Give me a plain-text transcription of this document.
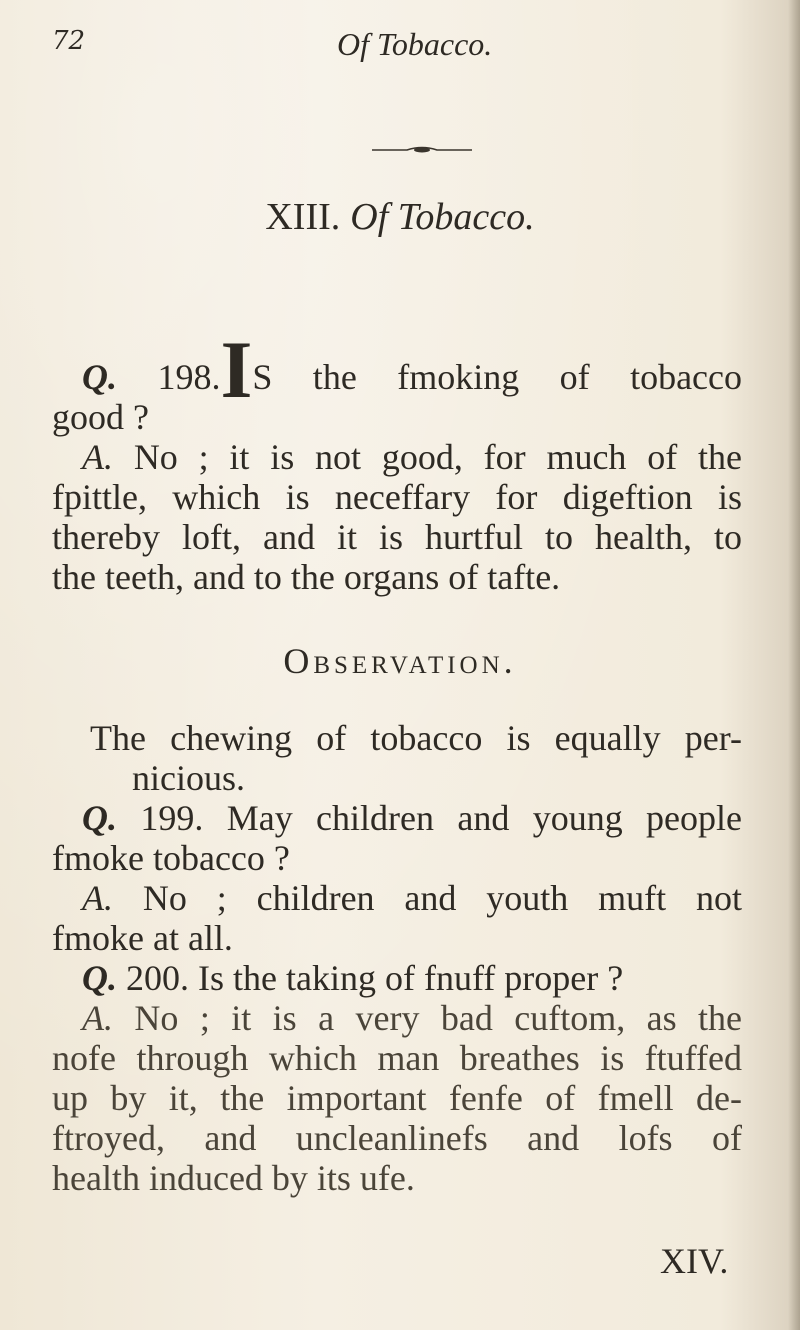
72	Of Tobacco.
XIII. Of Tobacco.
Q. 198.IS the fmoking of tobacco
good ?
A. No ; it is not good, for much of the
fpittle, which is neceffary for digeftion is
thereby loft, and it is hurtful to health, to
the teeth, and to the organs of tafte.
Observation.
The chewing of tobacco is equally per-
nicious.
Q. 199. May children and young people
fmoke tobacco ?
A. No ; children and youth muft not
fmoke at all.
Q. 200. Is the taking of fnuff proper ?
A. No ; it is a very bad cuftom, as the
nofe through which man breathes is ftuffed
up by it, the important fenfe of fmell de-
ftroyed, and uncleanlinefs and lofs of
health induced by its ufe.
XIV.
